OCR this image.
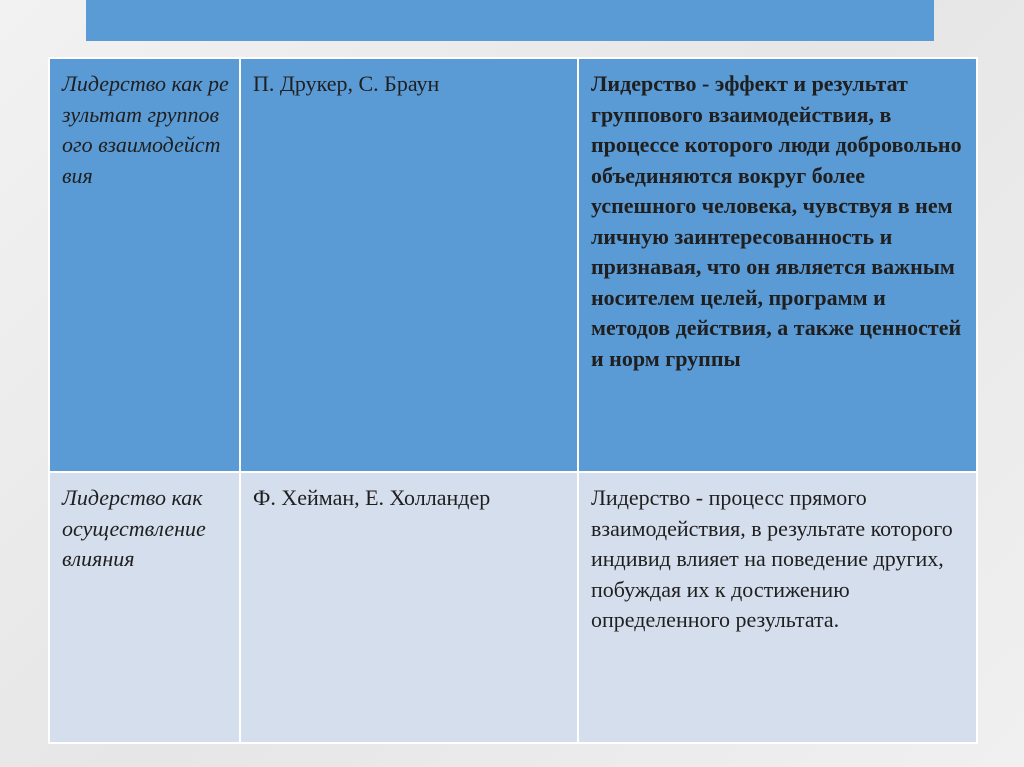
Лидерство как результат группового взаимодействия	П. Друкер, С. Браун	Лидерство - эффект и результат группового взаимодействия, в процессе которого люди добровольно объединяются вокруг более успешного человека, чувствуя в нем личную заинтересованность и признавая, что он является важным носителем целей, программ и методов действия, а также ценностей и норм группы
Лидерство как осуществление влияния	Ф. Хейман, Е. Холландер	Лидерство - процесс прямого взаимодействия, в результате которого индивид влияет на поведение других, побуждая их к достижению определенного результата.
